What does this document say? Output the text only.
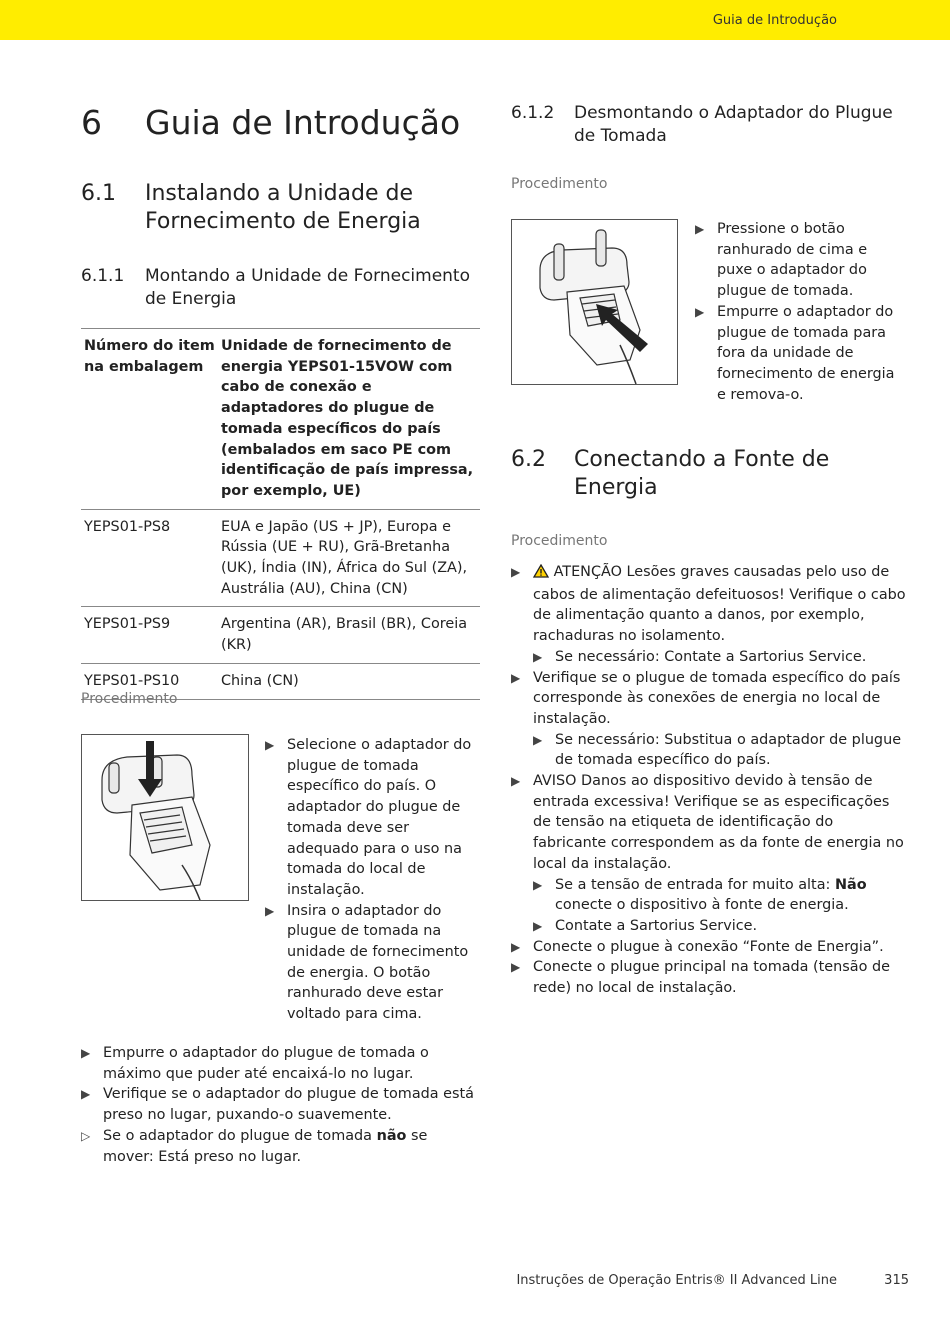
Guia de Introdução
6 Guia de Introdução
6.1 Instalando a Unidade de Fornecimento de Energia
6.1.1 Montando a Unidade de Fornecimento de Energia
Número do item na embalagem	Unidade de fornecimento de energia YEPS01-15VOW com cabo de conexão e adaptadores do plugue de tomada específicos do país (embalados em saco PE com identificação de país impressa, por exemplo, UE)
YEPS01-PS8	EUA e Japão (US + JP), Europa e Rússia (UE + RU), Grã-Bretanha (UK), Índia (IN), África do Sul (ZA), Austrália (AU), China (CN)
YEPS01-PS9	Argentina (AR), Brasil (BR), Coreia (KR)
YEPS01-PS10	China (CN)
Procedimento
▶ Selecione o adaptador do plugue de tomada específico do país. O adaptador do plugue de tomada deve ser adequado para o uso na tomada do local de instalação.
▶ Insira o adaptador do plugue de tomada na unidade de fornecimento de energia. O botão ranhurado deve estar voltado para cima.
▶ Empurre o adaptador do plugue de tomada o máximo que puder até encaixá-lo no lugar.
▶ Verifique se o adaptador do plugue de tomada está preso no lugar, puxando-o suavemente.
▷ Se o adaptador do plugue de tomada não se mover: Está preso no lugar.
6.1.2 Desmontando o Adaptador do Plugue de Tomada
Procedimento
▶ Pressione o botão ranhurado de cima e puxe o adaptador do plugue de tomada.
▶ Empurre o adaptador do plugue de tomada para fora da unidade de fornecimento de energia e remova-o.
6.2 Conectando a Fonte de Energia
Procedimento
▶ ATENÇÃO Lesões graves causadas pelo uso de cabos de alimentação defeituosos! Verifique o cabo de alimentação quanto a danos, por exemplo, rachaduras no isolamento.
▶ Se necessário: Contate a Sartorius Service.
▶ Verifique se o plugue de tomada específico do país corresponde às conexões de energia no local de instalação.
▶ Se necessário: Substitua o adaptador de plugue de tomada específico do país.
▶ AVISO Danos ao dispositivo devido à tensão de entrada excessiva! Verifique se as especificações de tensão na etiqueta de identificação do fabricante correspondem as da fonte de energia no local da instalação.
▶ Se a tensão de entrada for muito alta: Não conecte o dispositivo à fonte de energia.
▶ Contate a Sartorius Service.
▶ Conecte o plugue à conexão “Fonte de Energia”.
▶ Conecte o plugue principal na tomada (tensão de rede) no local de instalação.
Instruções de Operação Entris® II Advanced Line	315
